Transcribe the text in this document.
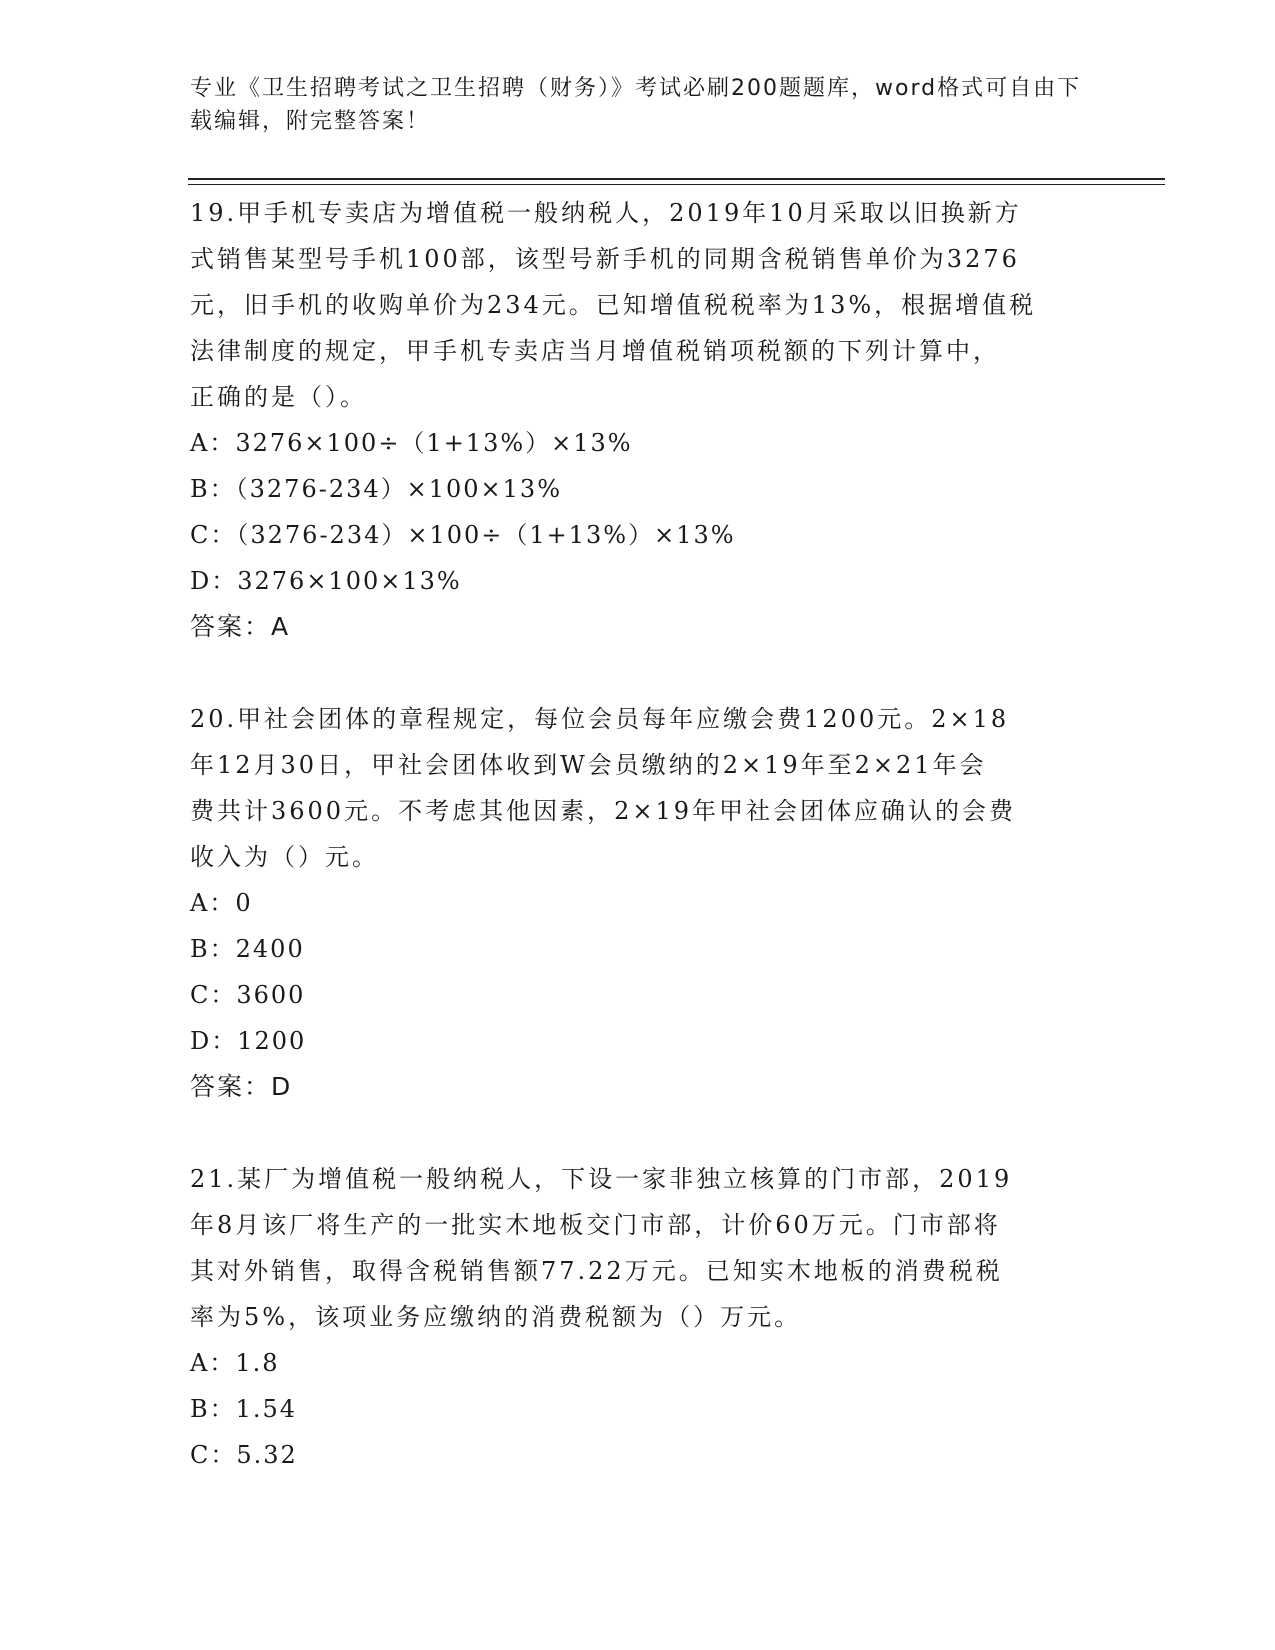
专业《卫生招聘考试之卫生招聘（财务）》考试必刷200题题库，word格式可自由下载编辑，附完整答案！

19.甲手机专卖店为增值税一般纳税人，2019年10月采取以旧换新方

式销售某型号手机100部，该型号新手机的同期含税销售单价为3276

元，旧手机的收购单价为234元。已知增值税税率为13%，根据增值税

法律制度的规定，甲手机专卖店当月增值税销项税额的下列计算中，

正确的是（）。

A：3276×100÷（1+13%）×13%

B：（3276-234）×100×13%

C：（3276-234）×100÷（1+13%）×13%

D：3276×100×13%

答案：A

20.甲社会团体的章程规定，每位会员每年应缴会费1200元。2×18

年12月30日，甲社会团体收到W会员缴纳的2×19年至2×21年会

费共计3600元。不考虑其他因素，2×19年甲社会团体应确认的会费

收入为（）元。

A：0

B：2400

C：3600

D：1200

答案：D

21.某厂为增值税一般纳税人，下设一家非独立核算的门市部，2019

年8月该厂将生产的一批实木地板交门市部，计价60万元。门市部将

其对外销售，取得含税销售额77.22万元。已知实木地板的消费税税

率为5%，该项业务应缴纳的消费税额为（）万元。

A：1.8

B：1.54

C：5.32
